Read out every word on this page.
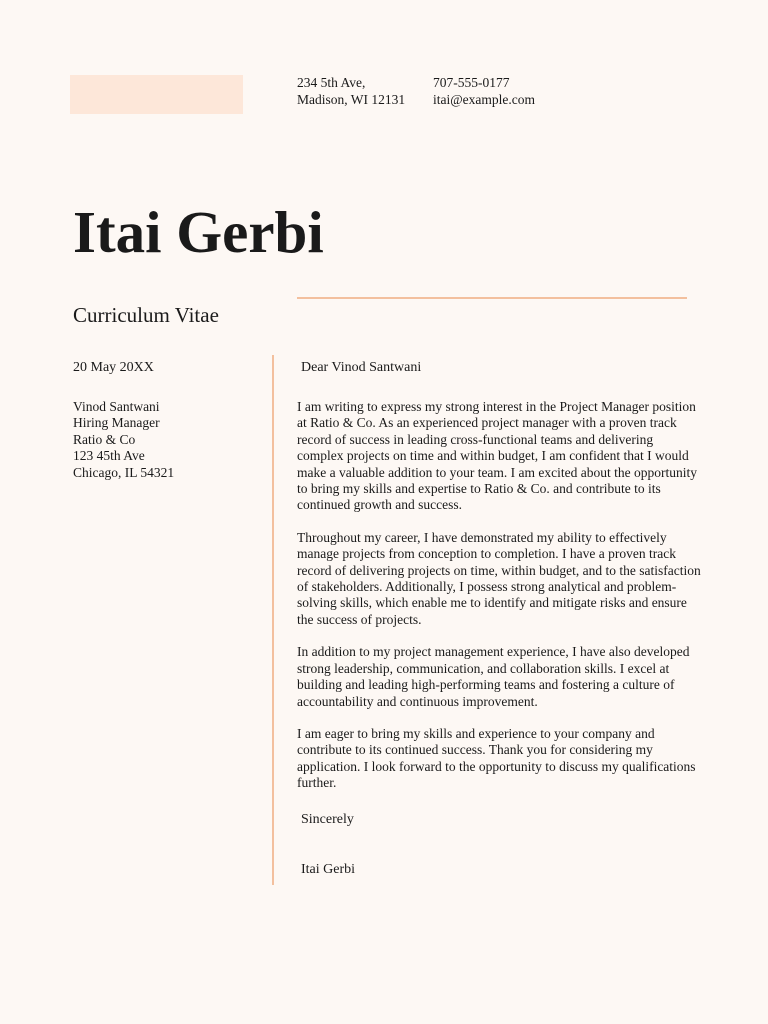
234 5th Ave,
Madison, WI 12131
707-555-0177
itai@example.com
Itai Gerbi
Curriculum Vitae
20 May 20XX
Vinod Santwani
Hiring Manager
Ratio & Co
123 45th Ave
Chicago, IL 54321
Dear Vinod Santwani

I am writing to express my strong interest in the Project Manager position at Ratio & Co. As an experienced project manager with a proven track record of success in leading cross-functional teams and delivering complex projects on time and within budget, I am confident that I would make a valuable addition to your team. I am excited about the opportunity to bring my skills and expertise to Ratio & Co. and contribute to its continued growth and success.

Throughout my career, I have demonstrated my ability to effectively manage projects from conception to completion. I have a proven track record of delivering projects on time, within budget, and to the satisfaction of stakeholders. Additionally, I possess strong analytical and problem-solving skills, which enable me to identify and mitigate risks and ensure the success of projects.

In addition to my project management experience, I have also developed strong leadership, communication, and collaboration skills. I excel at building and leading high-performing teams and fostering a culture of accountability and continuous improvement.

I am eager to bring my skills and experience to your company and contribute to its continued success. Thank you for considering my application. I look forward to the opportunity to discuss my qualifications further.

Sincerely
Itai Gerbi
